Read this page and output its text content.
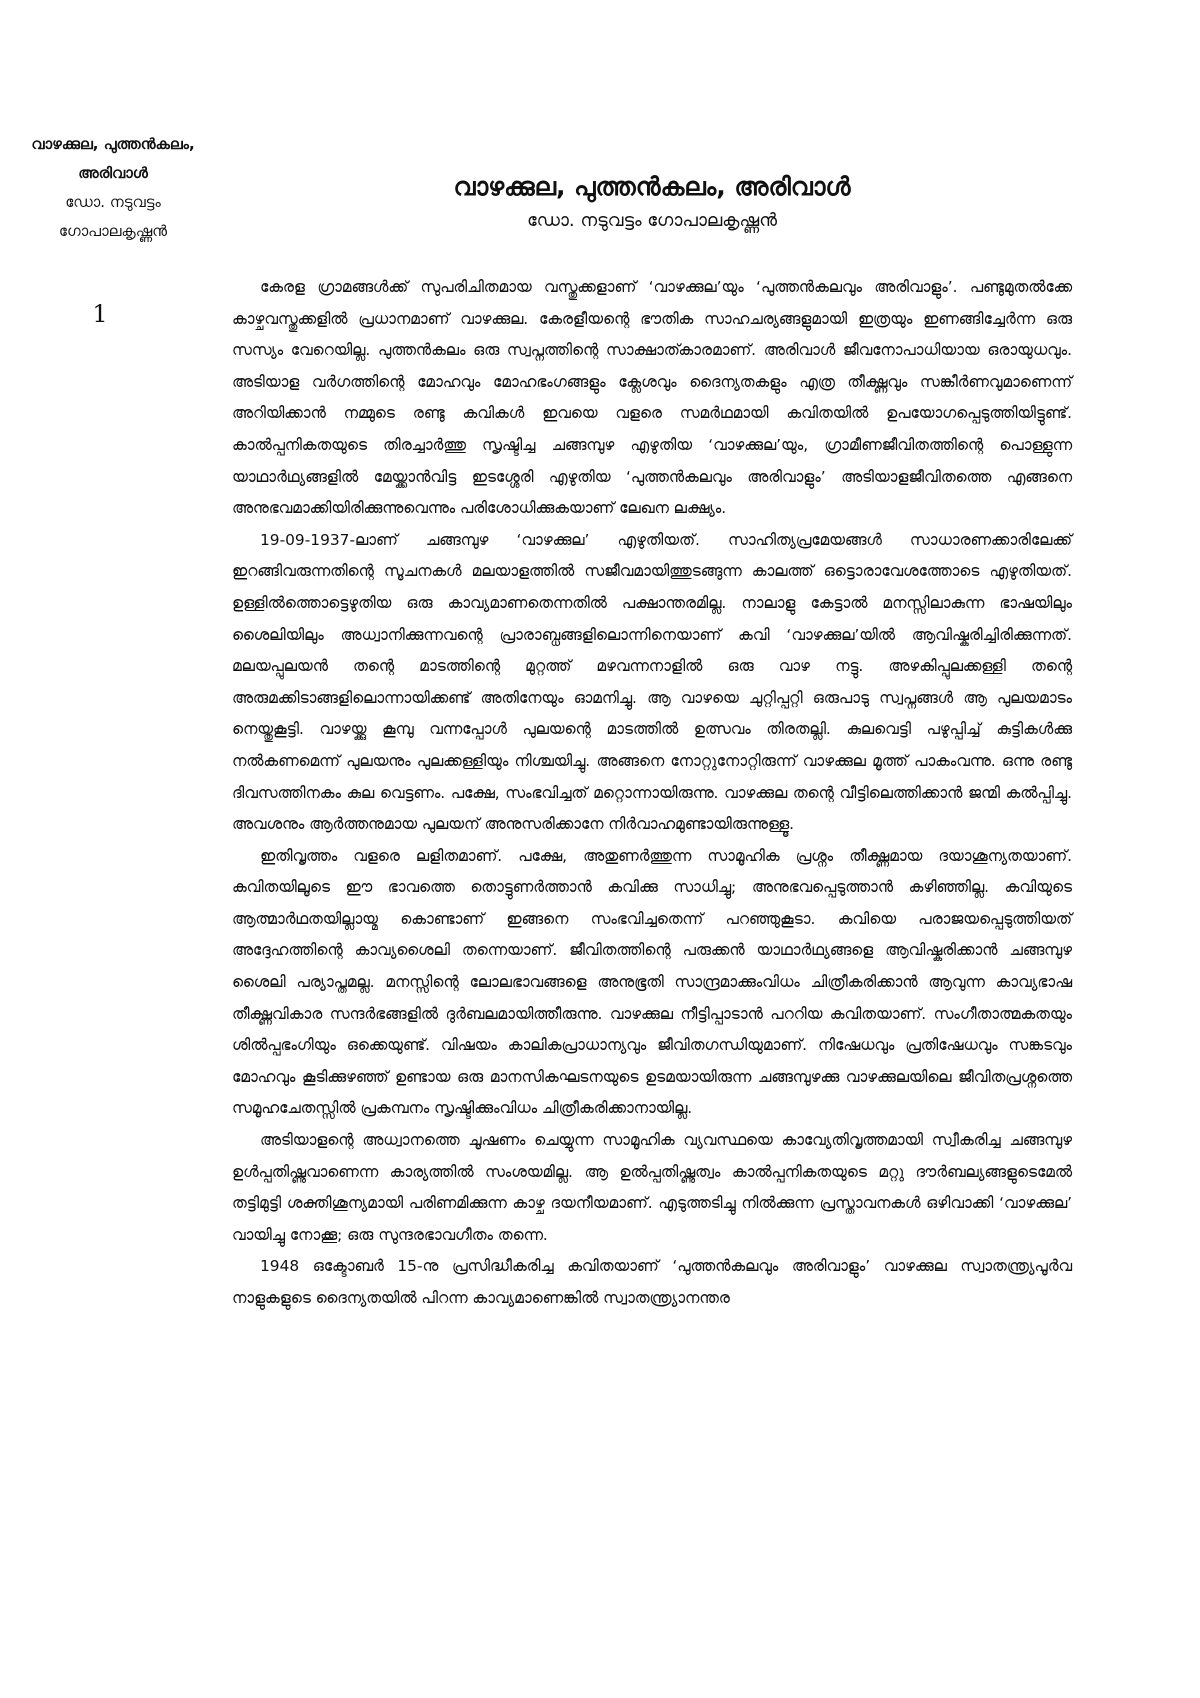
വാഴക്കുല, പുത്തൻകലം,
അരിവാൾ
ഡോ. നടുവട്ടം
ഗോപാലകൃഷ്ണൻ
1
വാഴക്കുല, പുത്തൻകലം, അരിവാൾ

ഡോ. നടുവട്ടം ഗോപാലകൃഷ്ണൻ

കേരള ഗ്രാമങ്ങൾക്ക് സുപരിചിതമായ വസ്തുക്കളാണ് ‘വാഴക്കുല’യും ‘പുത്തൻകലവും അരിവാളും’. പണ്ടുമുതൽക്കേ കാഴ്ചവസ്തുക്കളിൽ പ്രധാനമാണ് വാഴക്കുല. കേരളീയന്റെ ഭൗതിക സാഹചര്യങ്ങളുമായി ഇത്രയും ഇണങ്ങിച്ചേർന്ന ഒരു സസ്യം വേറെയില്ല. പുത്തൻകലം ഒരു സ്വപ്നത്തിന്റെ സാക്ഷാത്കാരമാണ്. അരിവാൾ ജീവനോപാധിയായ ഒരായുധവും. അടിയാള വർഗത്തിന്റെ മോഹവും മോഹഭംഗങ്ങളും ക്ലേശവും ദൈന്യതകളും എത്ര തീക്ഷ്ണവും സങ്കീർണവുമാണെന്ന് അറിയിക്കാൻ നമ്മുടെ രണ്ടു കവികൾ ഇവയെ വളരെ സമർഥമായി കവിതയിൽ ഉപയോഗപ്പെടുത്തിയിട്ടുണ്ട്. കാൽപ്പനികതയുടെ തിരച്ചാർത്തു സൃഷ്ടിച്ച ചങ്ങമ്പുഴ എഴുതിയ ‘വാഴക്കുല’യും, ഗ്രാമീണജീവിതത്തിന്റെ പൊള്ളുന്ന യാഥാർഥ്യങ്ങളിൽ മേയ്ക്കാൻവിട്ട ഇടശ്ശേരി എഴുതിയ ‘പുത്തൻകലവും അരിവാളും’ അടിയാളജീവിതത്തെ എങ്ങനെ അനുഭവമാക്കിയിരിക്കുന്നുവെന്നും പരിശോധിക്കുകയാണ് ലേഖന ലക്ഷ്യം.

19-09-1937-ലാണ് ചങ്ങമ്പുഴ ‘വാഴക്കുല’ എഴുതിയത്. സാഹിത്യപ്രമേയങ്ങൾ സാധാരണക്കാരിലേക്ക് ഇറങ്ങിവരുന്നതിന്റെ സൂചനകൾ മലയാളത്തിൽ സജീവമായിത്തുടങ്ങുന്ന കാലത്ത് ഒട്ടൊരാവേശത്തോടെ എഴുതിയത്. ഉള്ളിൽത്തൊട്ടെഴുതിയ ഒരു കാവ്യമാണതെന്നതിൽ പക്ഷാന്തരമില്ല. നാലാളു കേട്ടാൽ മനസ്സിലാകുന്ന ഭാഷയിലും ശൈലിയിലും അധ്വാനിക്കുന്നവന്റെ പ്രാരാബ്ധങ്ങളിലൊന്നിനെയാണ് കവി ‘വാഴക്കുല’യിൽ ആവിഷ്കരിച്ചിരിക്കുന്നത്. മലയപ്പുലയൻ തന്റെ മാടത്തിന്റെ മുറ്റത്ത് മഴവന്നനാളിൽ ഒരു വാഴ നട്ടു. അഴകിപ്പുലക്കള്ളി തന്റെ അരുമക്കിടാങ്ങളിലൊന്നായിക്കണ്ട് അതിനേയും ഓമനിച്ചു. ആ വാഴയെ ചുറ്റിപ്പറ്റി ഒരുപാടു സ്വപ്നങ്ങൾ ആ പുലയമാടം നെയ്തുകൂട്ടി. വാഴയ്ക്കു കൂമ്പു വന്നപ്പോൾ പുലയന്റെ മാടത്തിൽ ഉത്സവം തിരതല്ലി. കുലവെട്ടി പഴുപ്പിച്ച് കുട്ടികൾക്കു നൽകണമെന്ന് പുലയനും പുലക്കള്ളിയും നിശ്ചയിച്ചു. അങ്ങനെ നോറ്റുനോറ്റിരുന്ന് വാഴക്കുല മൂത്ത് പാകംവന്നു. ഒന്നു രണ്ടു ദിവസത്തിനകം കുല വെട്ടണം. പക്ഷേ, സംഭവിച്ചത് മറ്റൊന്നായിരുന്നു. വാഴക്കുല തന്റെ വീട്ടിലെത്തിക്കാൻ ജന്മി കൽപ്പിച്ചു. അവശനും ആർത്തനുമായ പുലയന് അനുസരിക്കാനേ നിർവാഹമുണ്ടായിരുന്നുള്ളൂ.

ഇതിവൃത്തം വളരെ ലളിതമാണ്. പക്ഷേ, അതുണർത്തുന്ന സാമൂഹിക പ്രശ്നം തീക്ഷ്ണമായ ദയാശൂന്യതയാണ്. കവിതയിലൂടെ ഈ ഭാവത്തെ തൊട്ടുണർത്താൻ കവിക്കു സാധിച്ചു; അനുഭവപ്പെടുത്താൻ കഴിഞ്ഞില്ല. കവിയുടെ ആത്മാർഥതയില്ലായ്മ കൊണ്ടാണ് ഇങ്ങനെ സംഭവിച്ചതെന്ന് പറഞ്ഞുകൂടാ. കവിയെ പരാജയപ്പെടുത്തിയത് അദ്ദേഹത്തിന്റെ കാവ്യശൈലി തന്നെയാണ്. ജീവിതത്തിന്റെ പരുക്കൻ യാഥാർഥ്യങ്ങളെ ആവിഷ്കരിക്കാൻ ചങ്ങമ്പുഴ ശൈലി പര്യാപ്തമല്ല. മനസ്സിന്റെ ലോലഭാവങ്ങളെ അനുഭൂതി സാന്ദ്രമാക്കുംവിധം ചിത്രീകരിക്കാൻ ആവുന്ന കാവ്യഭാഷ തീക്ഷ്ണവികാര സന്ദർഭങ്ങളിൽ ദുർബലമായിത്തീരുന്നു. വാഴക്കുല നീട്ടിപ്പാടാൻ പററിയ കവിതയാണ്. സംഗീതാത്മകതയും ശിൽപ്പഭംഗിയും ഒക്കെയുണ്ട്. വിഷയം കാലികപ്രാധാന്യവും ജീവിതഗന്ധിയുമാണ്. നിഷേധവും പ്രതിഷേധവും സങ്കടവും മോഹവും കൂടിക്കുഴഞ്ഞ് ഉണ്ടായ ഒരു മാനസികഘടനയുടെ ഉടമയായിരുന്ന ചങ്ങമ്പുഴക്കു വാഴക്കുലയിലെ ജീവിതപ്രശ്നത്തെ സമൂഹചേതസ്സിൽ പ്രകമ്പനം സൃഷ്ടിക്കുംവിധം ചിത്രീകരിക്കാനായില്ല.

അടിയാളന്റെ അധ്വാനത്തെ ചൂഷണം ചെയ്യുന്ന സാമൂഹിക വ്യവസ്ഥയെ കാവ്യേതിവൃത്തമായി സ്വീകരിച്ച ചങ്ങമ്പുഴ ഉൾപ്പതിഷ്ണുവാണെന്ന കാര്യത്തിൽ സംശയമില്ല. ആ ഉൽപ്പതിഷ്ണുത്വം കാൽപ്പനികതയുടെ മറ്റു ദൗർബല്യങ്ങളുടെമേൽ തട്ടിമുട്ടി ശക്തിശൂന്യമായി പരിണമിക്കുന്ന കാഴ്ച ദയനീയമാണ്. എടുത്തടിച്ചു നിൽക്കുന്ന പ്രസ്താവനകൾ ഒഴിവാക്കി ‘വാഴക്കുല’ വായിച്ചു നോക്കൂ; ഒരു സുന്ദരഭാവഗീതം തന്നെ.

1948 ഒക്ടോബർ 15-നു പ്രസിദ്ധീകരിച്ച കവിതയാണ് ‘പുത്തൻകലവും അരിവാളും’ വാഴക്കുല സ്വാതന്ത്ര്യപൂർവ നാളുകളുടെ ദൈന്യതയിൽ പിറന്ന കാവ്യമാണെങ്കിൽ സ്വാതന്ത്ര്യാനന്തര
